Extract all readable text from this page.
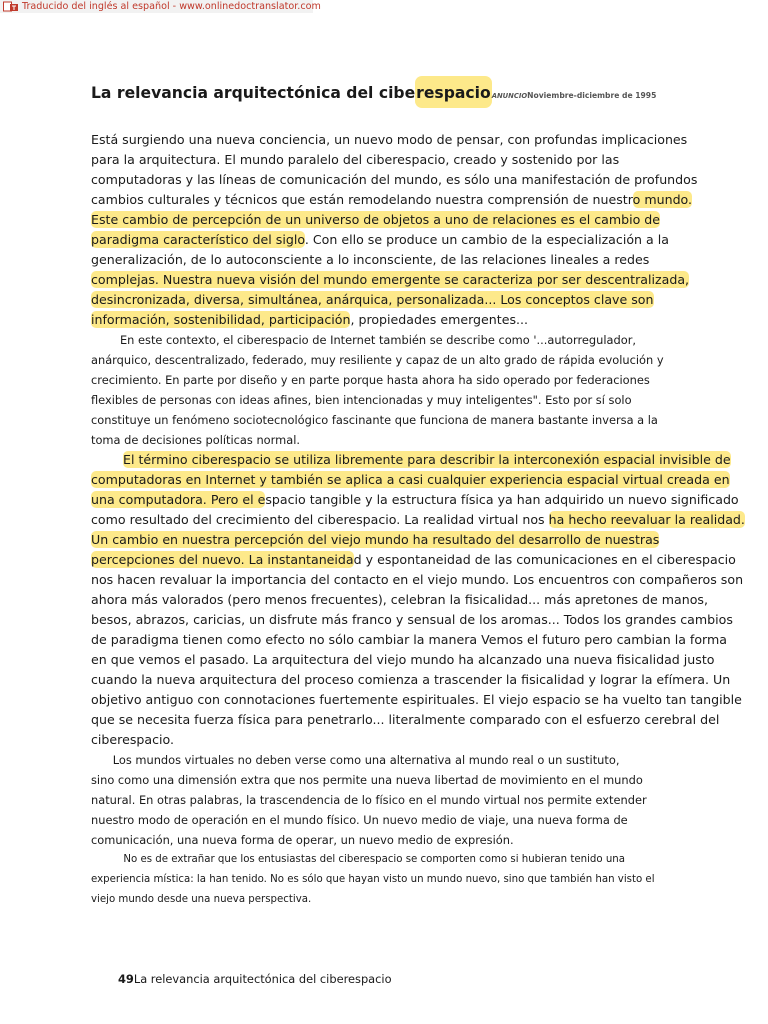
Traducido del inglés al español - www.onlinedoctranslator.com
La relevancia arquitectónica del ciberespacio ANUNCIO Noviembre-diciembre de 1995
Está surgiendo una nueva conciencia, un nuevo modo de pensar, con profundas implicaciones
para la arquitectura. El mundo paralelo del ciberespacio, creado y sostenido por las
computadoras y las líneas de comunicación del mundo, es sólo una manifestación de profundos
cambios culturales y técnicos que están remodelando nuestra comprensión de nuestro mundo.
Este cambio de percepción de un universo de objetos a uno de relaciones es el cambio de
paradigma característico del siglo. Con ello se produce un cambio de la especialización a la
generalización, de lo autoconsciente a lo inconsciente, de las relaciones lineales a redes
complejas. Nuestra nueva visión del mundo emergente se caracteriza por ser descentralizada,
desincronizada, diversa, simultánea, anárquica, personalizada... Los conceptos clave son
información, sostenibilidad, participación, propiedades emergentes...
En este contexto, el ciberespacio de Internet también se describe como '...autorregulador,
anárquico, descentralizado, federado, muy resiliente y capaz de un alto grado de rápida evolución y
crecimiento. En parte por diseño y en parte porque hasta ahora ha sido operado por federaciones
flexibles de personas con ideas afines, bien intencionadas y muy inteligentes". Esto por sí solo
constituye un fenómeno sociotecnológico fascinante que funciona de manera bastante inversa a la
toma de decisiones políticas normal.
El término ciberespacio se utiliza libremente para describir la interconexión espacial invisible de
computadoras en Internet y también se aplica a casi cualquier experiencia espacial virtual creada en
una computadora. Pero el espacio tangible y la estructura física ya han adquirido un nuevo significado
como resultado del crecimiento del ciberespacio. La realidad virtual nos ha hecho reevaluar la realidad.
Un cambio en nuestra percepción del viejo mundo ha resultado del desarrollo de nuestras
percepciones del nuevo. La instantaneidad y espontaneidad de las comunicaciones en el ciberespacio
nos hacen revaluar la importancia del contacto en el viejo mundo. Los encuentros con compañeros son
ahora más valorados (pero menos frecuentes), celebran la fisicalidad... más apretones de manos,
besos, abrazos, caricias, un disfrute más franco y sensual de los aromas... Todos los grandes cambios
de paradigma tienen como efecto no sólo cambiar la manera Vemos el futuro pero cambian la forma
en que vemos el pasado. La arquitectura del viejo mundo ha alcanzado una nueva fisicalidad justo
cuando la nueva arquitectura del proceso comienza a trascender la fisicalidad y lograr la efímera. Un
objetivo antiguo con connotaciones fuertemente espirituales. El viejo espacio se ha vuelto tan tangible
que se necesita fuerza física para penetrarlo... literalmente comparado con el esfuerzo cerebral del
ciberespacio.
Los mundos virtuales no deben verse como una alternativa al mundo real o un sustituto,
sino como una dimensión extra que nos permite una nueva libertad de movimiento en el mundo
natural. En otras palabras, la trascendencia de lo físico en el mundo virtual nos permite extender
nuestro modo de operación en el mundo físico. Un nuevo medio de viaje, una nueva forma de
comunicación, una nueva forma de operar, un nuevo medio de expresión.
No es de extrañar que los entusiastas del ciberespacio se comporten como si hubieran tenido una
experiencia mística: la han tenido. No es sólo que hayan visto un mundo nuevo, sino que también han visto el
viejo mundo desde una nueva perspectiva.
49La relevancia arquitectónica del ciberespacio
